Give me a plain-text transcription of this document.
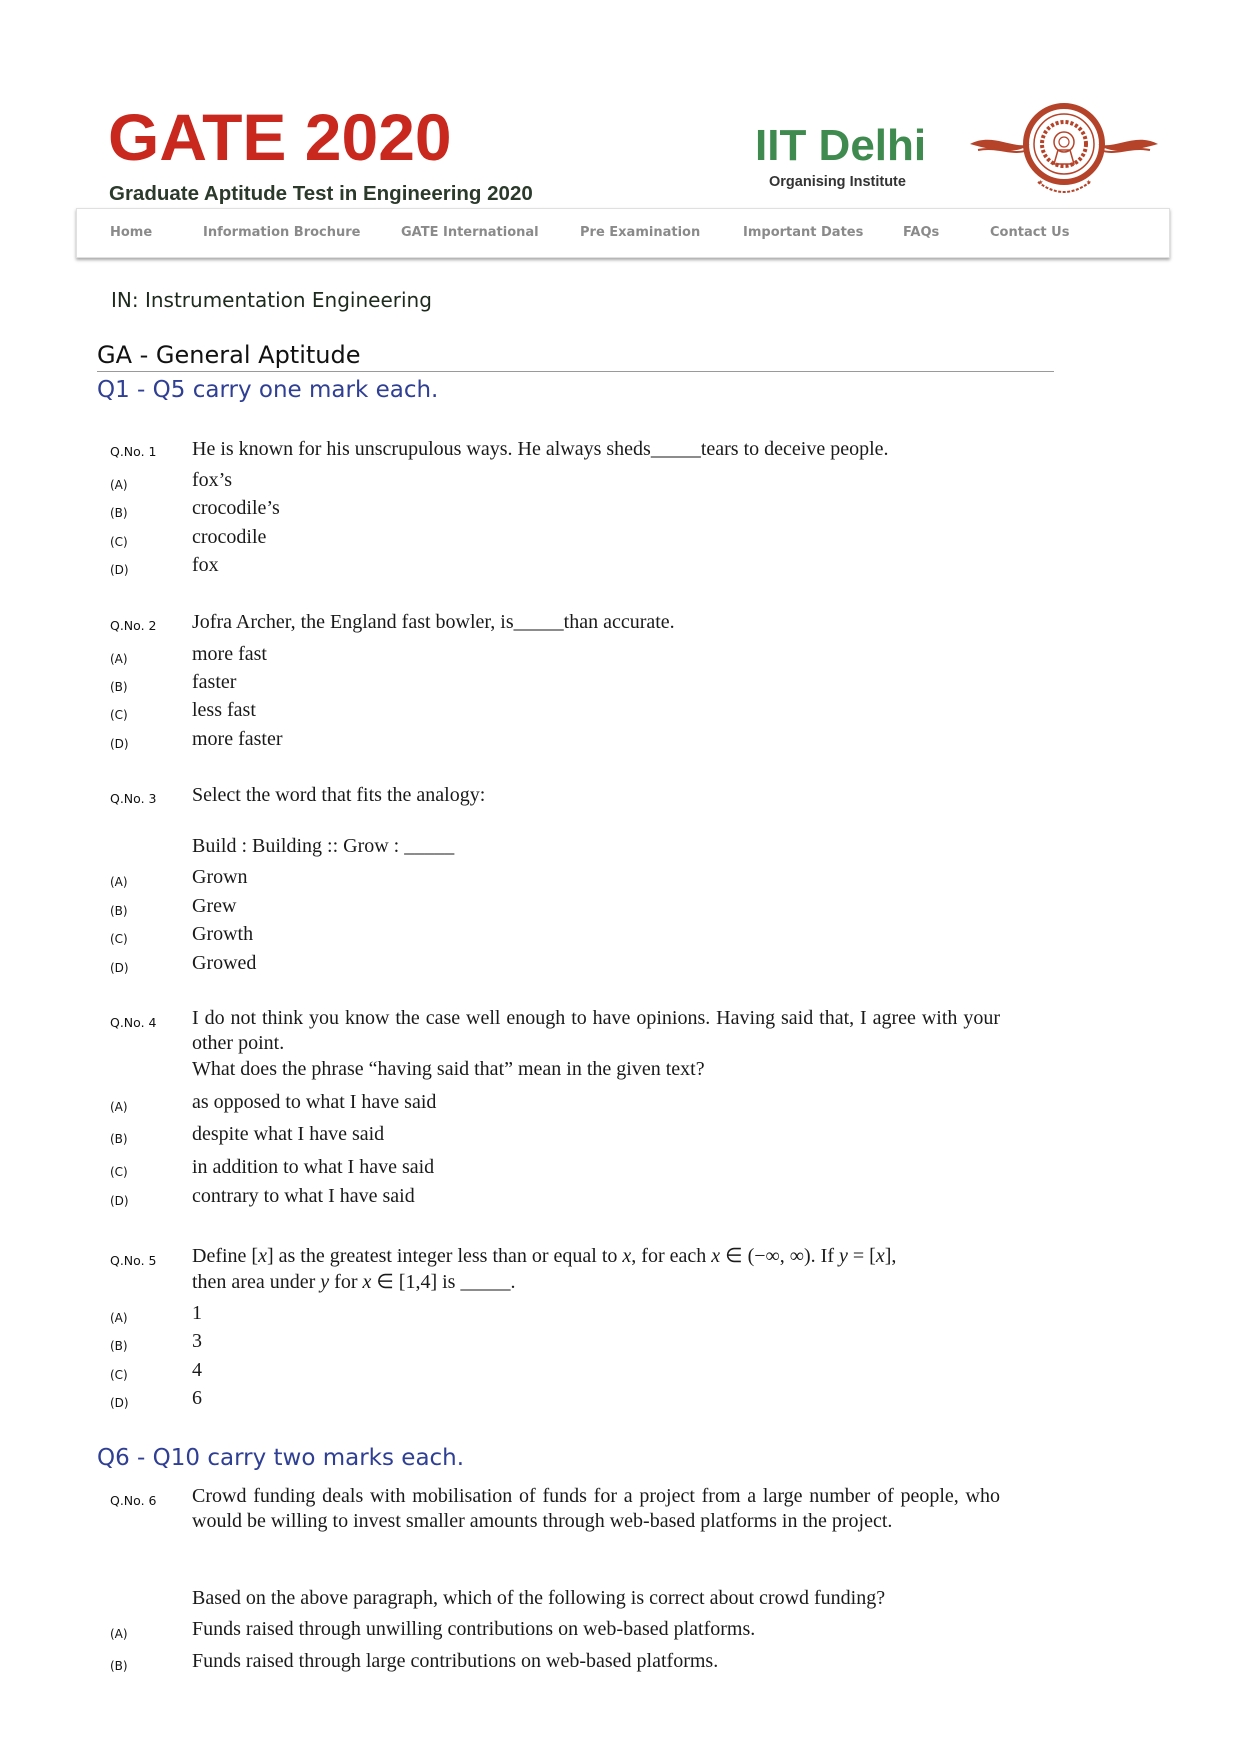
GATE 2020
Graduate Aptitude Test in Engineering 2020
IIT Delhi
Organising Institute	★	★
Home	Information Brochure	GATE International	Pre Examination	Important Dates	FAQs	Contact Us
IN: Instrumentation Engineering
GA - General Aptitude
Q1 - Q5 carry one mark each.
Q.No. 1 He is known for his unscrupulous ways. He always sheds_____tears to deceive people.
(A)	fox’s
(B)	crocodile’s
(C)	crocodile
(D)	fox
Q.No. 2 Jofra Archer, the England fast bowler, is_____than accurate.
(A)	more fast
(B)	faster
(C)	less fast
(D)	more faster
Q.No. 3 Select the word that fits the analogy:
Build : Building :: Grow : _____
(A)	Grown
(B)	Grew
(C)	Growth
(D)	Growed
Q.No. 4 I do not think you know the case well enough to have opinions. Having said that, I agree with your other point.
What does the phrase “having said that” mean in the given text?
(A)	as opposed to what I have said
(B)	despite what I have said
(C)	in addition to what I have said
(D)	contrary to what I have said
Q.No. 5 Define [x] as the greatest integer less than or equal to x, for each x ∈ (−∞, ∞). If y = [x],
then area under y for x ∈ [1,4] is _____.
(A)	1
(B)	3
(C)	4
(D)	6
Q6 - Q10 carry two marks each.
Q.No. 6 Crowd funding deals with mobilisation of funds for a project from a large number of people, who would be willing to invest smaller amounts through web-based platforms in the project.
Based on the above paragraph, which of the following is correct about crowd funding?
(A)	Funds raised through unwilling contributions on web-based platforms.
(B)	Funds raised through large contributions on web-based platforms.
